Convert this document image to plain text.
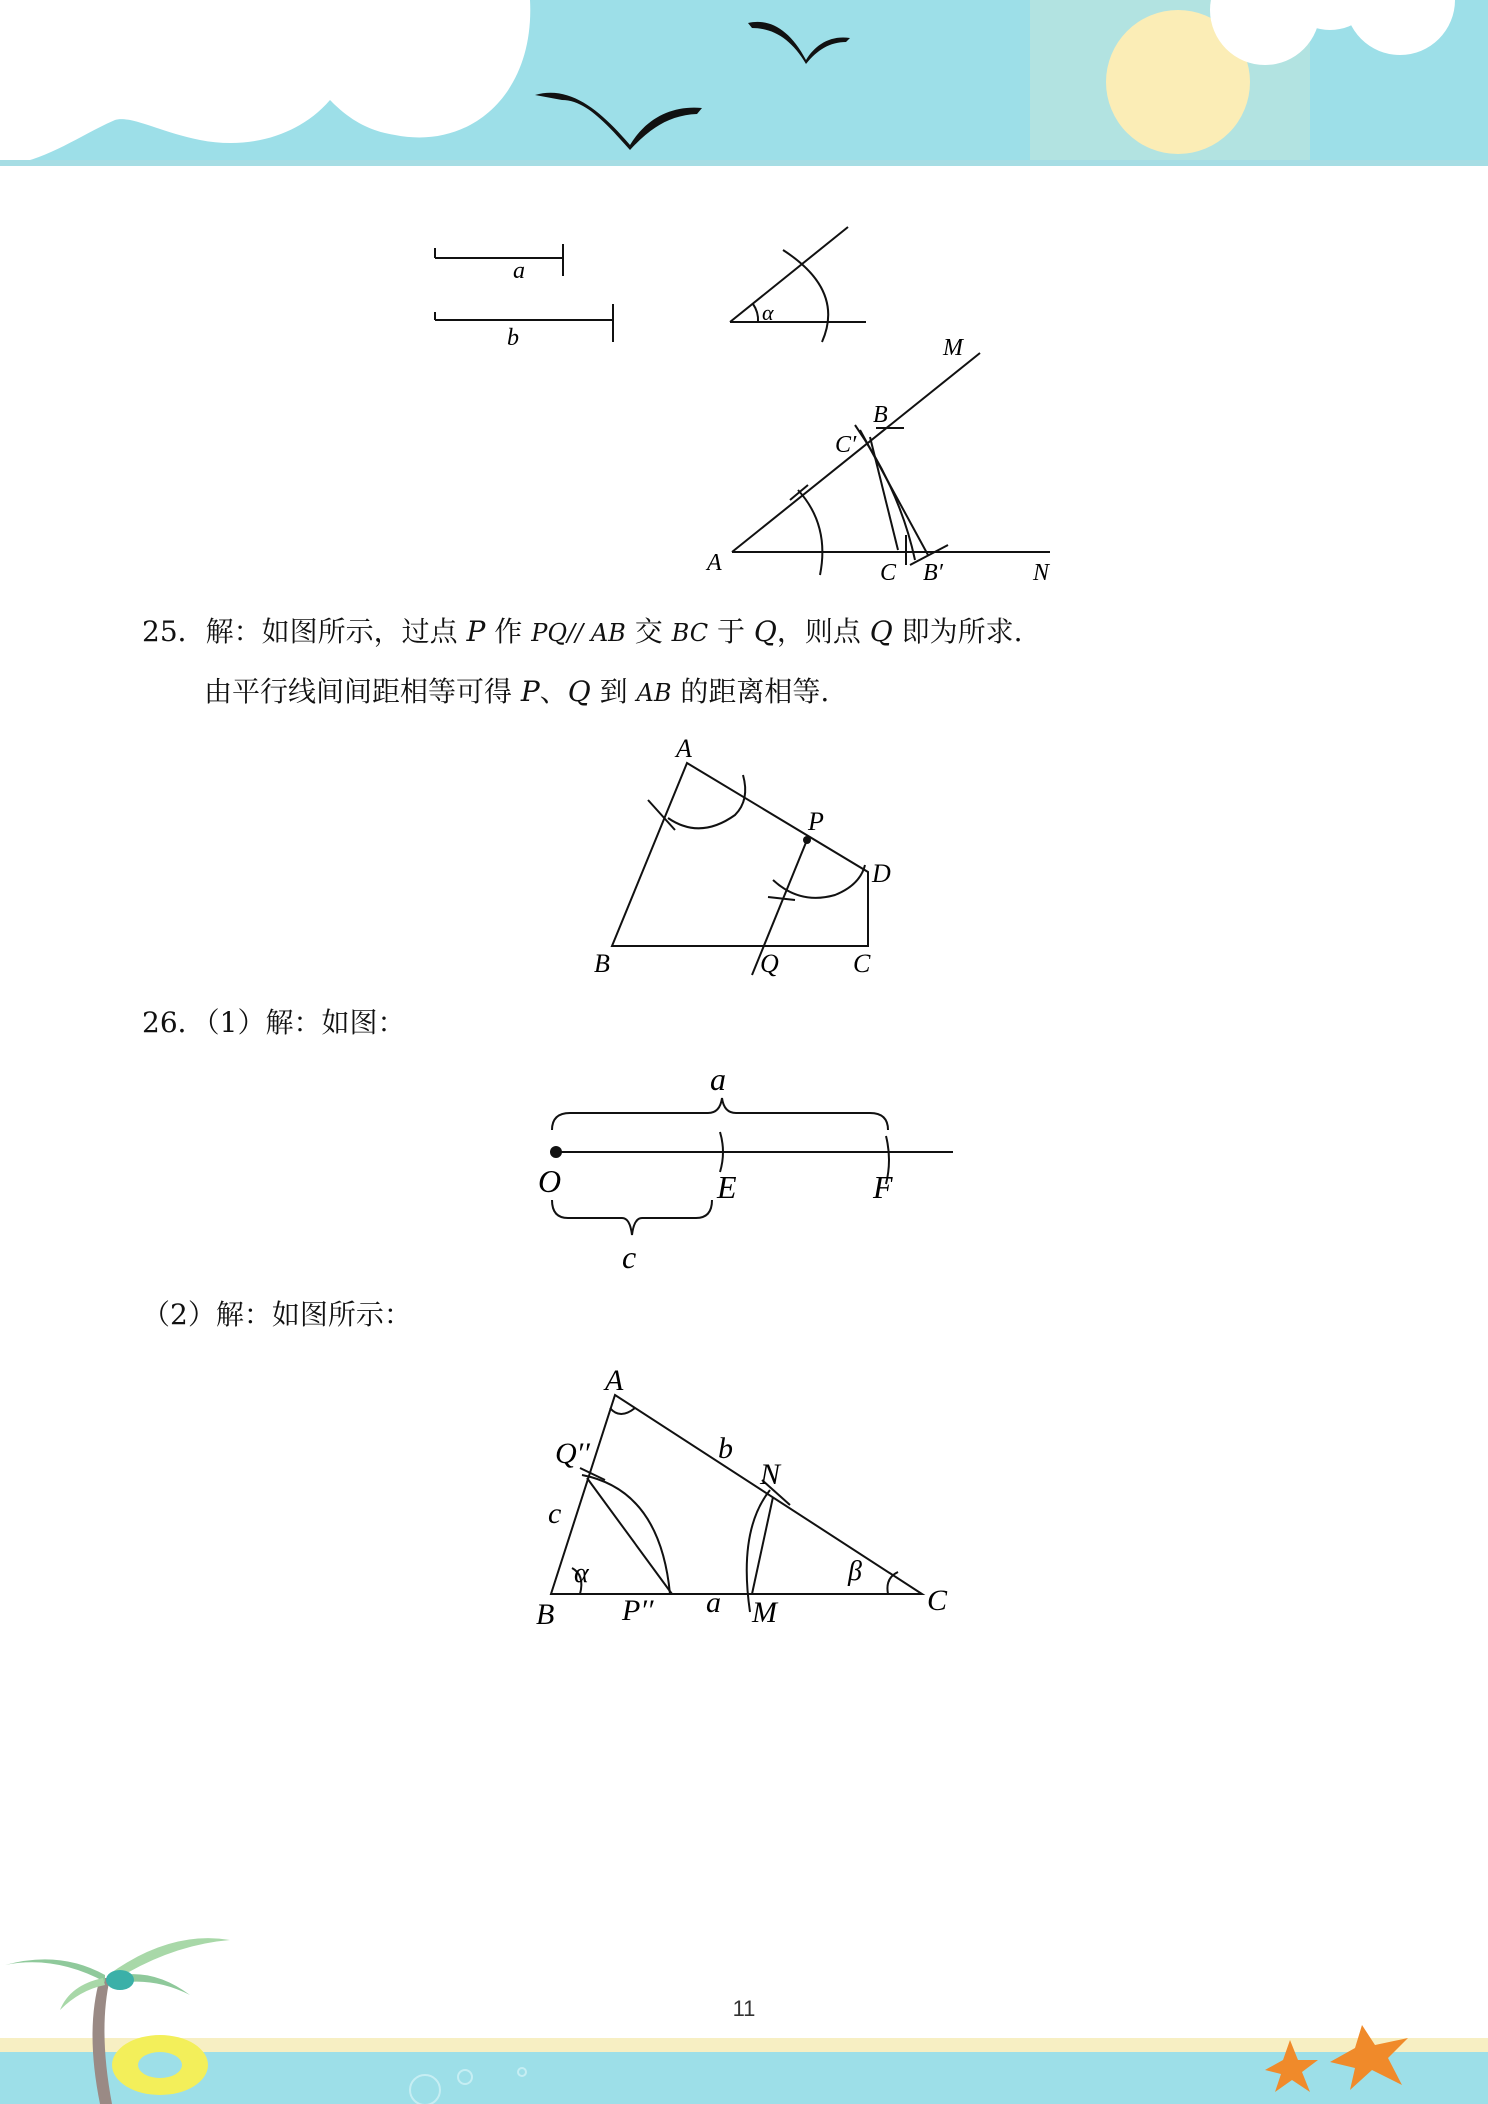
a
b
α
M
B
C′
A	C B′	N
25．解：如图所示，过点 P 作 PQ// AB 交 BC 于 Q，则点 Q 即为所求.
由平行线间间距相等可得 P、Q 到 AB 的距离相等.
A
P
D
B	Q	C
26．（1）解：如图：
a
O	E	F
c
（2）解：如图所示：
A
Q′′	b
N
c
α	β
B P′′ a M	C
11
